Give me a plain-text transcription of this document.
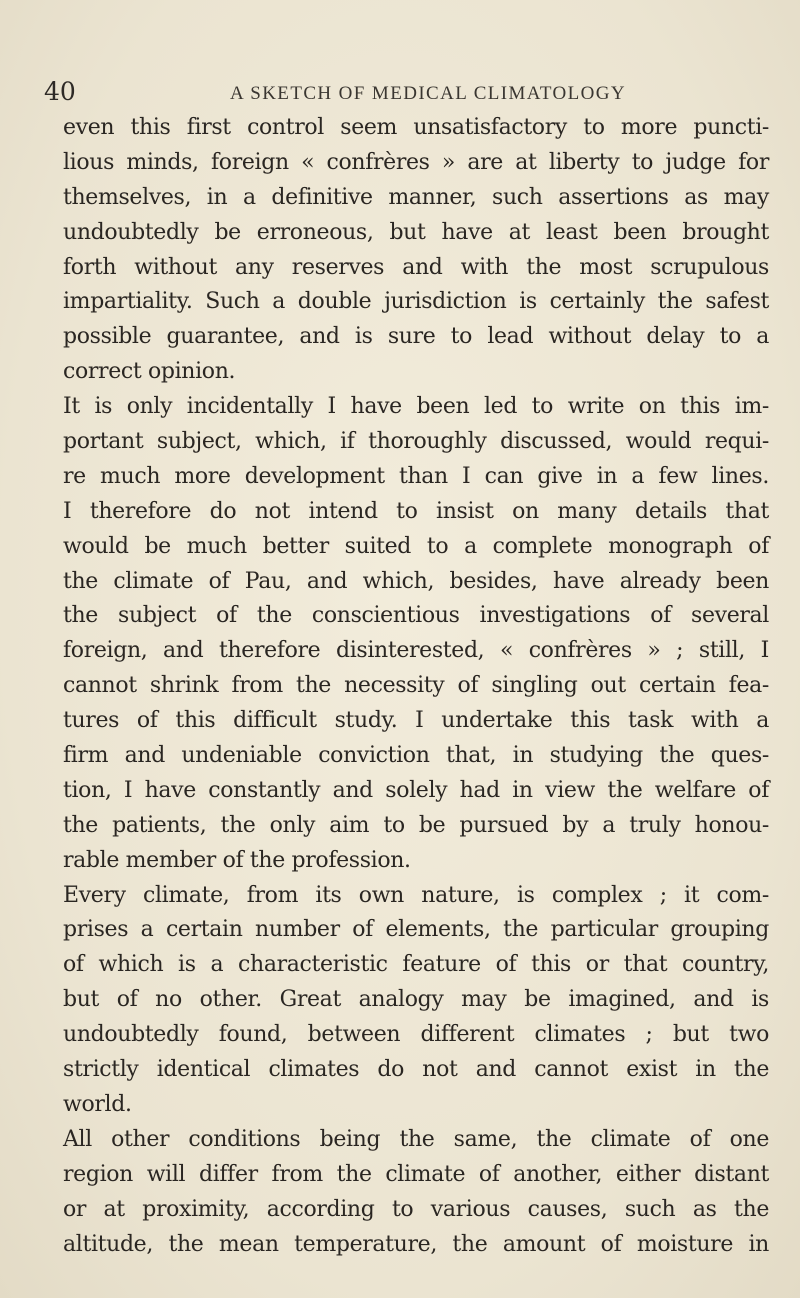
40	A SKETCH OF MEDICAL CLIMATOLOGY
even this first control seem unsatisfactory to more puncti-
lious minds, foreign « confrères » are at liberty to judge for
themselves, in a definitive manner, such assertions as may
undoubtedly be erroneous, but have at least been brought
forth without any reserves and with the most scrupulous
impartiality. Such a double jurisdiction is certainly the safest
possible guarantee, and is sure to lead without delay to a
correct opinion.
It is only incidentally I have been led to write on this im-
portant subject, which, if thoroughly discussed, would requi-
re much more development than I can give in a few lines.
I therefore do not intend to insist on many details that
would be much better suited to a complete monograph of
the climate of Pau, and which, besides, have already been
the subject of the conscientious investigations of several
foreign, and therefore disinterested, « confrères » ; still, I
cannot shrink from the necessity of singling out certain fea-
tures of this difficult study. I undertake this task with a
firm and undeniable conviction that, in studying the ques-
tion, I have constantly and solely had in view the welfare of
the patients, the only aim to be pursued by a truly honou-
rable member of the profession.
Every climate, from its own nature, is complex ; it com-
prises a certain number of elements, the particular grouping
of which is a characteristic feature of this or that country,
but of no other. Great analogy may be imagined, and is
undoubtedly found, between different climates ; but two
strictly identical climates do not and cannot exist in the
world.
All other conditions being the same, the climate of one
region will differ from the climate of another, either distant
or at proximity, according to various causes, such as the
altitude, the mean temperature, the amount of moisture in
